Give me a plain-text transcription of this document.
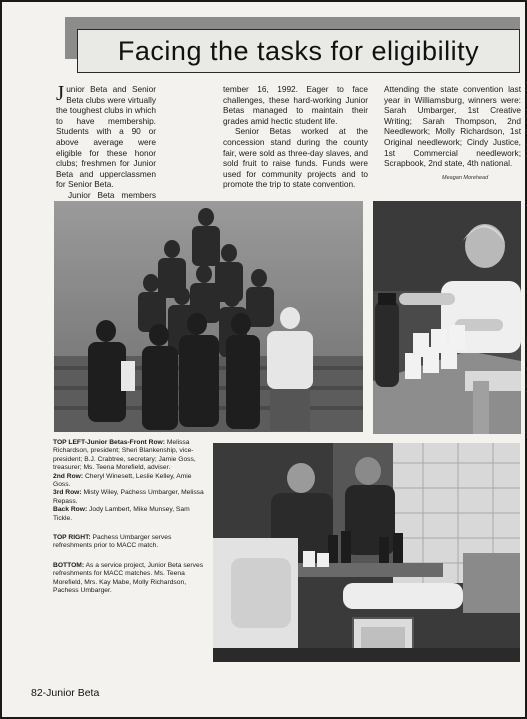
Facing the tasks for eligibility

Junior Beta and Senior Beta clubs were virtually the toughest clubs in which to have membership. Students with a 90 or above average were eligible for these honor clubs; freshmen for Junior Beta and upperclassmen for Senior Beta.

Junior Beta members

tember 16, 1992. Eager to face challenges, these hard-working Junior Betas managed to maintain their grades amid hectic student life.

Senior Betas worked at the concession stand during the county fair, were sold as three-day slaves, and sold fruit to raise funds. Funds were used for community projects and to promote the trip to state convention.

Attending the state convention last year in Williamsburg, winners were: Sarah Umbarger, 1st Creative Writing; Sarah Thompson, 2nd Needlework; Molly Richardson, 1st Original needlework; Cindy Justice, 1st Commercial needlework; Scrapbook, 2nd state, 4th national.

Meagan Morehead

TOP LEFT-Junior Betas-Front Row: Melissa Richardson, president; Sheri Blankenship, vice-president; B.J. Crabtree, secretary; Jamie Goss, treasurer; Ms. Teena Morefield, adviser.
2nd Row: Cheryl Winesett, Leslie Kelley, Amie Goss.
3rd Row: Misty Wiley, Pachess Umbarger, Melissa Repass.
Back Row: Jody Lambert, Mike Munsey, Sam Tickle.

TOP RIGHT: Pachess Umbarger serves refreshments prior to MACC match.

BOTTOM: As a service project, Junior Beta serves refreshments for MACC matches. Ms. Teena Morefield, Mrs. Kay Mabe, Molly Richardson, Pachess Umbarger.

82-Junior Beta
